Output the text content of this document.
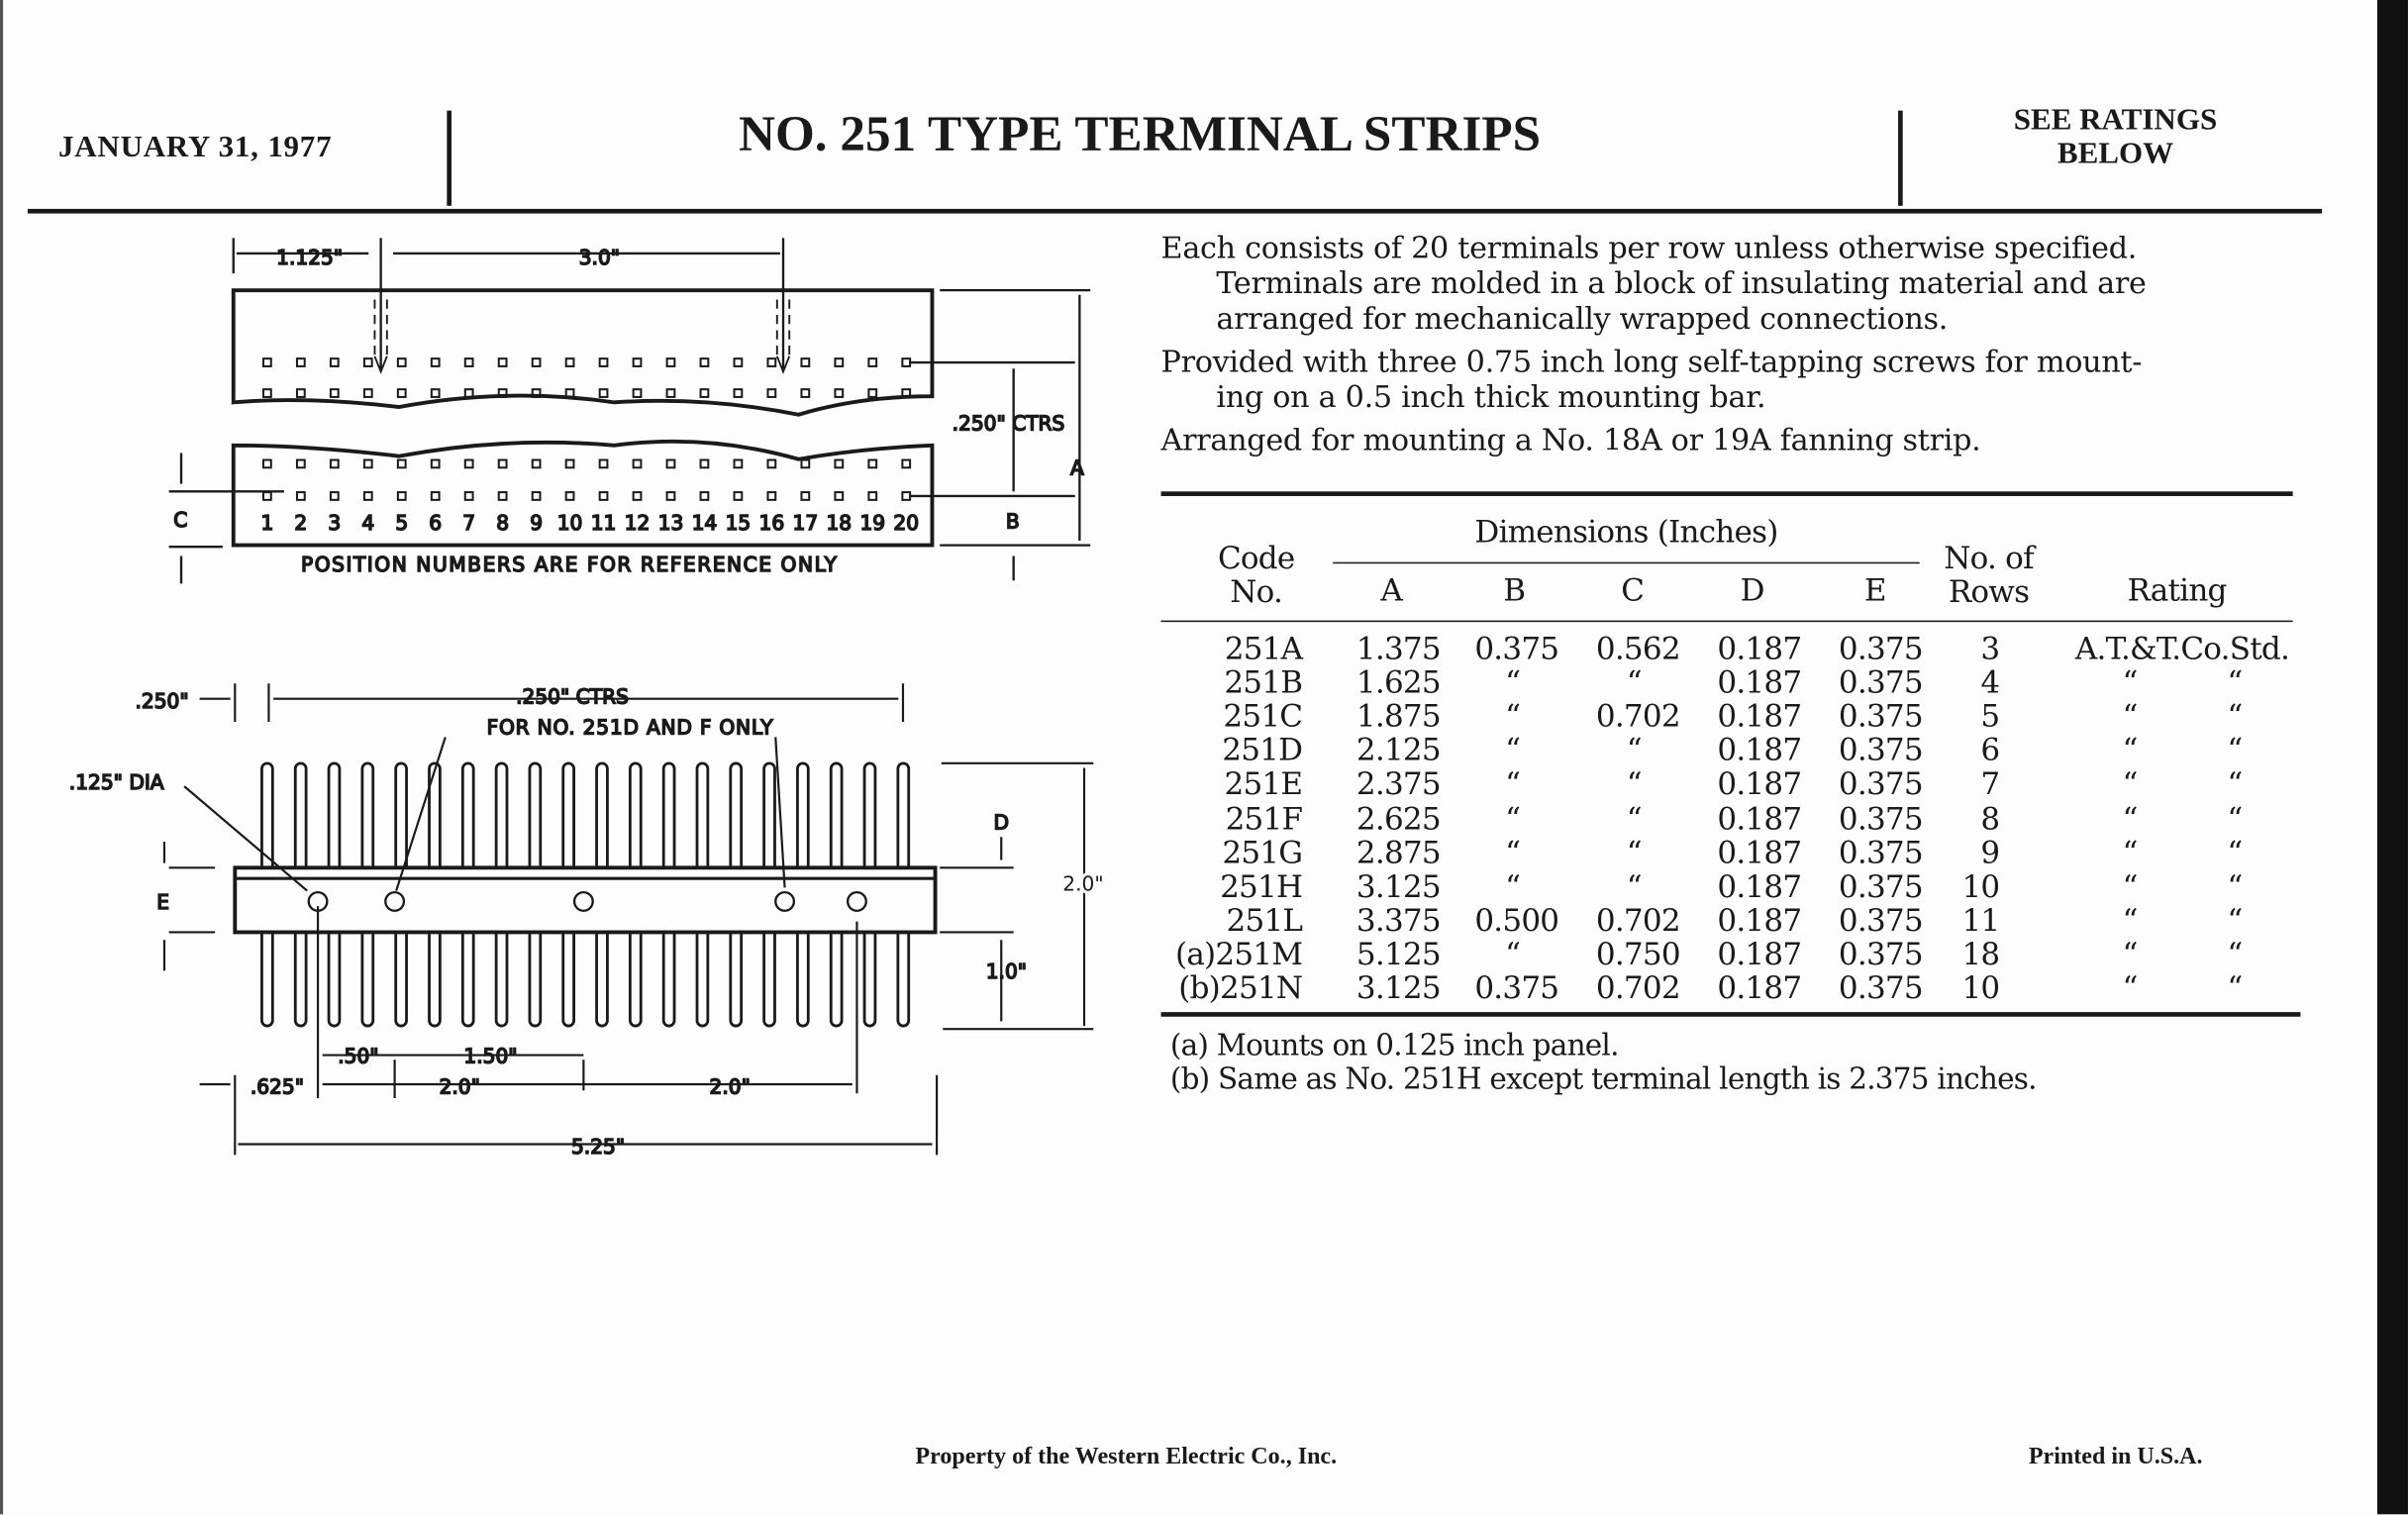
JANUARY 31, 1977	NO. 251 TYPE TERMINAL STRIPS	SEE RATINGS
BELOW
Each consists of 20 terminals per row unless otherwise specified.
Terminals are molded in a block of insulating material and are
arranged for mechanically wrapped connections.
Provided with three 0.75 inch long self-tapping screws for mount-
ing on a 0.5 inch thick mounting bar.
Arranged for mounting a No. 18A or 19A fanning strip.
Code
No.
Dimensions (Inches)
A	B	C	D	E
No. of
Rows	Rating
251A	1.375	0.375	0.562	0.187	0.375	3	A.T.&T.Co.Std.
251B	1.625	“	“	0.187	0.375	4	“          “
251C	1.875	“	0.702	0.187	0.375	5	“          “
251D	2.125	“	“	0.187	0.375	6	“          “
251E	2.375	“	“	0.187	0.375	7	“          “
251F	2.625	“	“	0.187	0.375	8	“          “
251G	2.875	“	“	0.187	0.375	9	“          “
251H	3.125	“	“	0.187	0.375	10	“          “
251L	3.375	0.500	0.702	0.187	0.375	11	“          “
(a)251M	5.125	“	0.750	0.187	0.375	18	“          “
(b)251N	3.125	0.375	0.702	0.187	0.375	10	“          “
(a) Mounts on 0.125 inch panel.
(b) Same as No. 251H except terminal length is 2.375 inches.
1.125"	3.0"
.250" CTRS
A
B
C	1 2 3 4 5 6 7 8 9 10 11 12 13 14 15 16 17 18 19 20
POSITION NUMBERS ARE FOR REFERENCE ONLY
.250"	.250" CTRS
FOR NO. 251D AND F ONLY
.125" DIA
D
E
2.0"
1.0"
.50"	1.50"
.625"	2.0"	2.0"
5.25"
Property of the Western Electric Co., Inc.	Printed in U.S.A.
